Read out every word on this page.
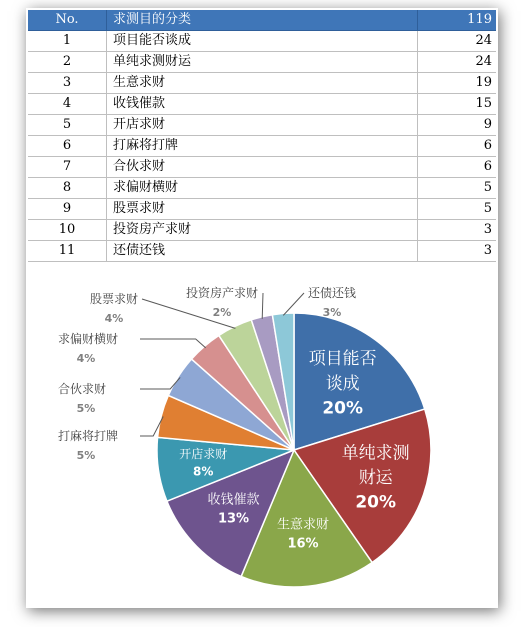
No.	求测目的分类	119
1	项目能否谈成	24
2	单纯求测财运	24
3	生意求财	19
4	收钱催款	15
5	开店求财	9
6	打麻将打牌	6
7	合伙求财	6
8	求偏财横财	5
9	股票求财	5
10	投资房产求财	3
11	还债还钱	3
项目能否
谈成
20%
单纯求测
财运
20%
生意求财
16%
收钱催款
13%
开店求财
8%
打麻将打牌
5%
合伙求财
5%
求偏财横财
4%
股票求财
4%
投资房产求财
2%
还债还钱
3%
